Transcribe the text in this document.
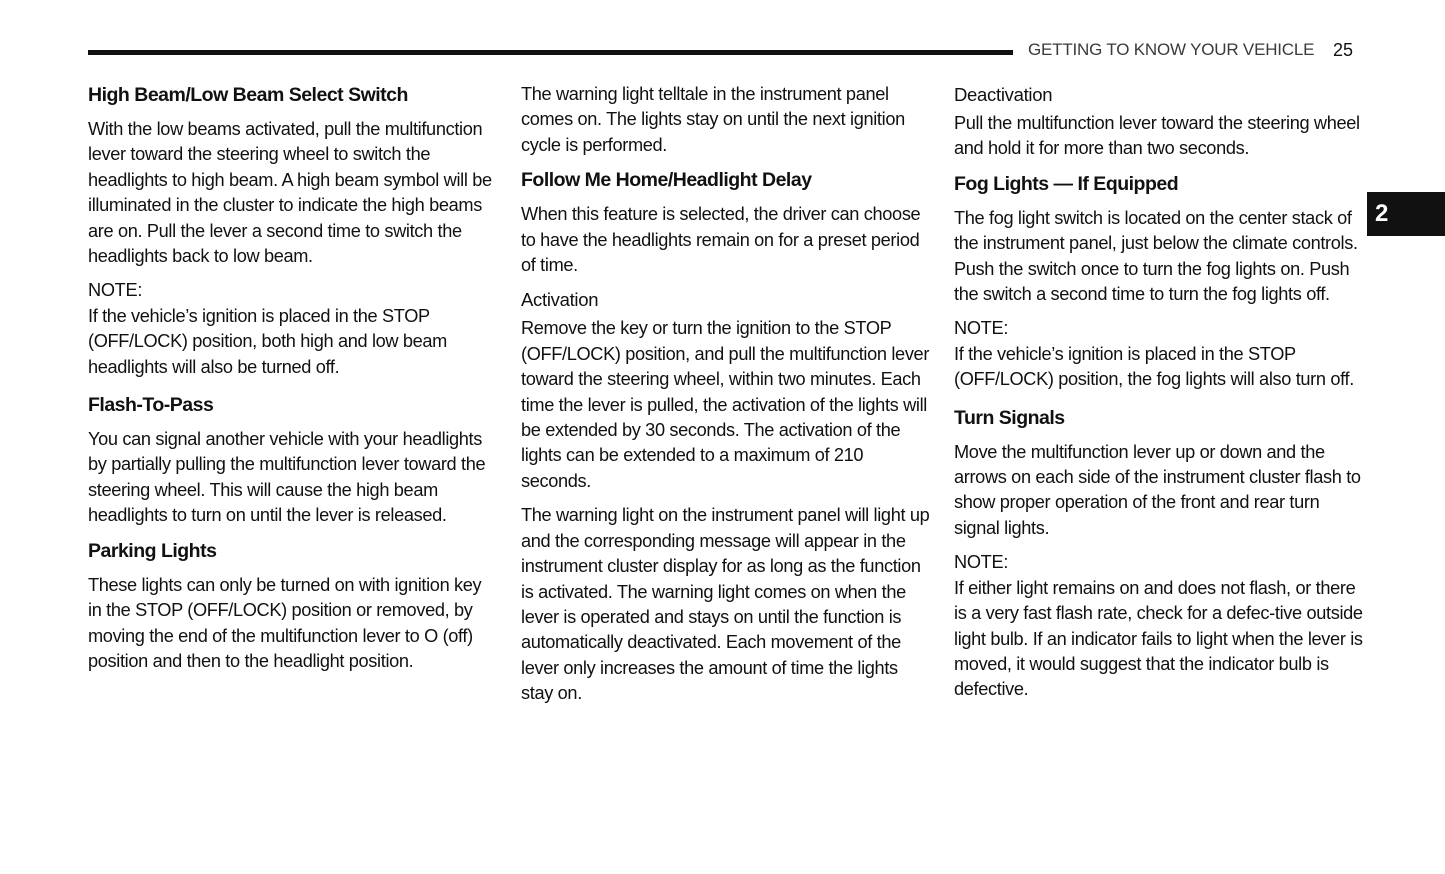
GETTING TO KNOW YOUR VEHICLE 25
2
High Beam/Low Beam Select Switch

With the low beams activated, pull the multifunction lever toward the steering wheel to switch the headlights to high beam. A high beam symbol will be illuminated in the cluster to indicate the high beams are on. Pull the lever a second time to switch the headlights back to low beam.

NOTE:

If the vehicle’s ignition is placed in the STOP (OFF/LOCK) position, both high and low beam headlights will also be turned off.

Flash-To-Pass

You can signal another vehicle with your headlights by partially pulling the multifunction lever toward the steering wheel. This will cause the high beam headlights to turn on until the lever is released.

Parking Lights

These lights can only be turned on with ignition key in the STOP (OFF/LOCK) position or removed, by moving the end of the multifunction lever to O (off) position and then to the headlight position.

The warning light telltale in the instrument panel comes on. The lights stay on until the next ignition cycle is performed.

Follow Me Home/Headlight Delay

When this feature is selected, the driver can choose to have the headlights remain on for a preset period of time.

Activation

Remove the key or turn the ignition to the STOP (OFF/LOCK) position, and pull the multifunction lever toward the steering wheel, within two minutes. Each time the lever is pulled, the activation of the lights will be extended by 30 seconds. The activation of the lights can be extended to a maximum of 210 seconds.

The warning light on the instrument panel will light up and the corresponding message will appear in the instrument cluster display for as long as the function is activated. The warning light comes on when the lever is operated and stays on until the function is automatically deactivated. Each movement of the lever only increases the amount of time the lights stay on.

Deactivation

Pull the multifunction lever toward the steering wheel and hold it for more than two seconds.

Fog Lights — If Equipped

The fog light switch is located on the center stack of the instrument panel, just below the climate controls. Push the switch once to turn the fog lights on. Push the switch a second time to turn the fog lights off.

NOTE:

If the vehicle’s ignition is placed in the STOP (OFF/LOCK) position, the fog lights will also turn off.

Turn Signals

Move the multifunction lever up or down and the arrows on each side of the instrument cluster flash to show proper operation of the front and rear turn signal lights.

NOTE:

If either light remains on and does not flash, or there is a very fast flash rate, check for a defec-tive outside light bulb. If an indicator fails to light when the lever is moved, it would suggest that the indicator bulb is defective.
